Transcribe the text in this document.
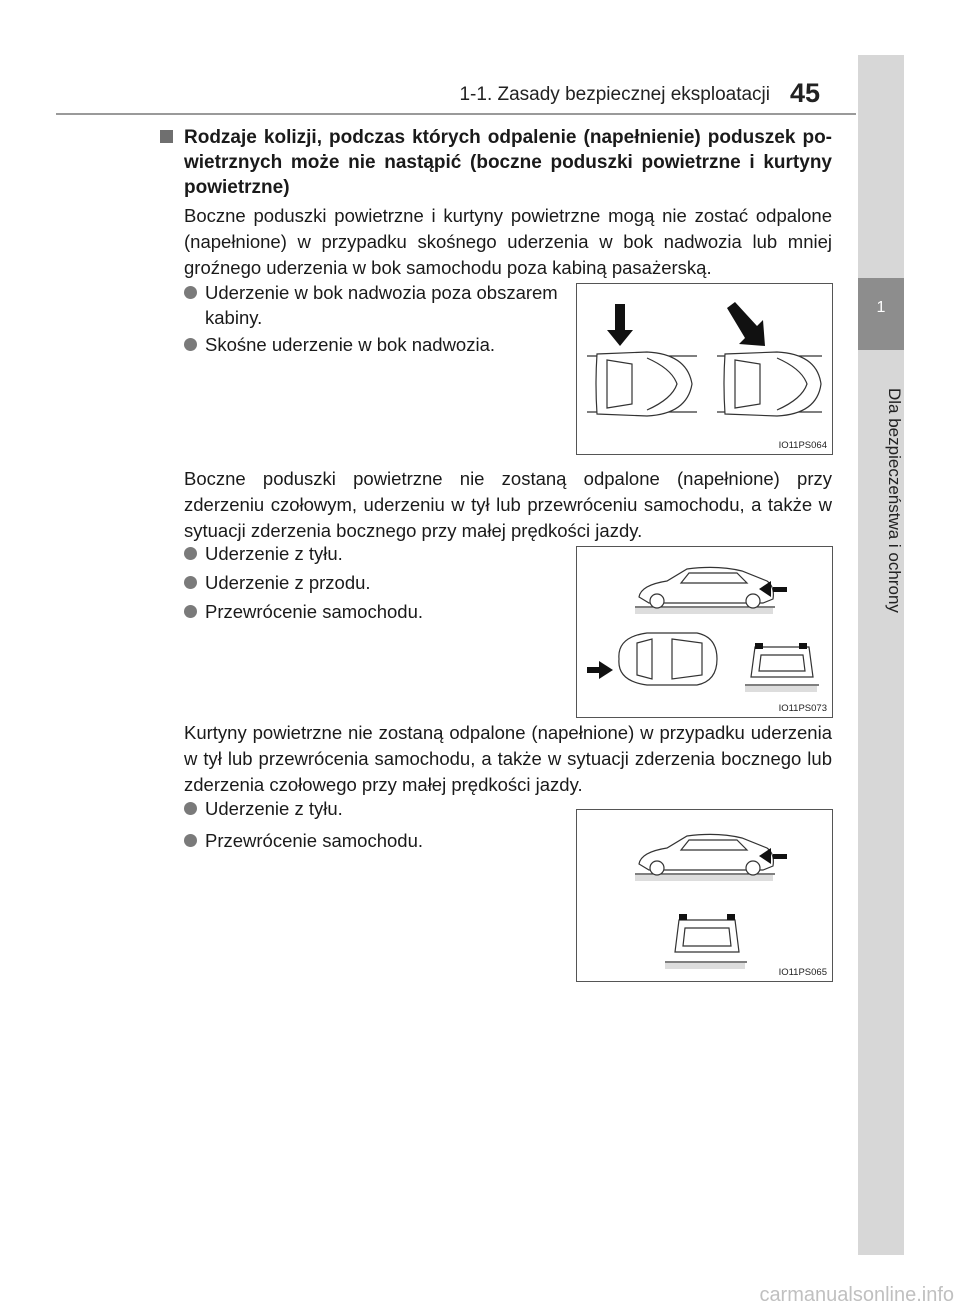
1-1. Zasady bezpiecznej eksploatacji 45
1
Dla bezpieczeństwa i ochrony
Rodzaje kolizji, podczas których odpalenie (napełnienie) poduszek po-wietrznych może nie nastąpić (boczne poduszki powietrzne i kurtyny powietrzne)
Boczne poduszki powietrzne i kurtyny powietrzne mogą nie zostać odpalone (napełnione) w przypadku skośnego uderzenia w bok nadwozia lub mniej groźnego uderzenia w bok samochodu poza kabiną pasażerską.
Uderzenie w bok nadwozia poza obszarem kabiny.
Skośne uderzenie w bok nadwozia.
IO11PS064
Boczne poduszki powietrzne nie zostaną odpalone (napełnione) przy zderzeniu czołowym, uderzeniu w tył lub przewróceniu samochodu, a także w sytuacji zderzenia bocznego przy małej prędkości jazdy.
Uderzenie z tyłu.
Uderzenie z przodu.
Przewrócenie samochodu.
IO11PS073
Kurtyny powietrzne nie zostaną odpalone (napełnione) w przypadku uderzenia w tył lub przewrócenia samochodu, a także w sytuacji zderzenia bocznego lub zderzenia czołowego przy małej prędkości jazdy.
Uderzenie z tyłu.
Przewrócenie samochodu.
IO11PS065
carmanualsonline.info
